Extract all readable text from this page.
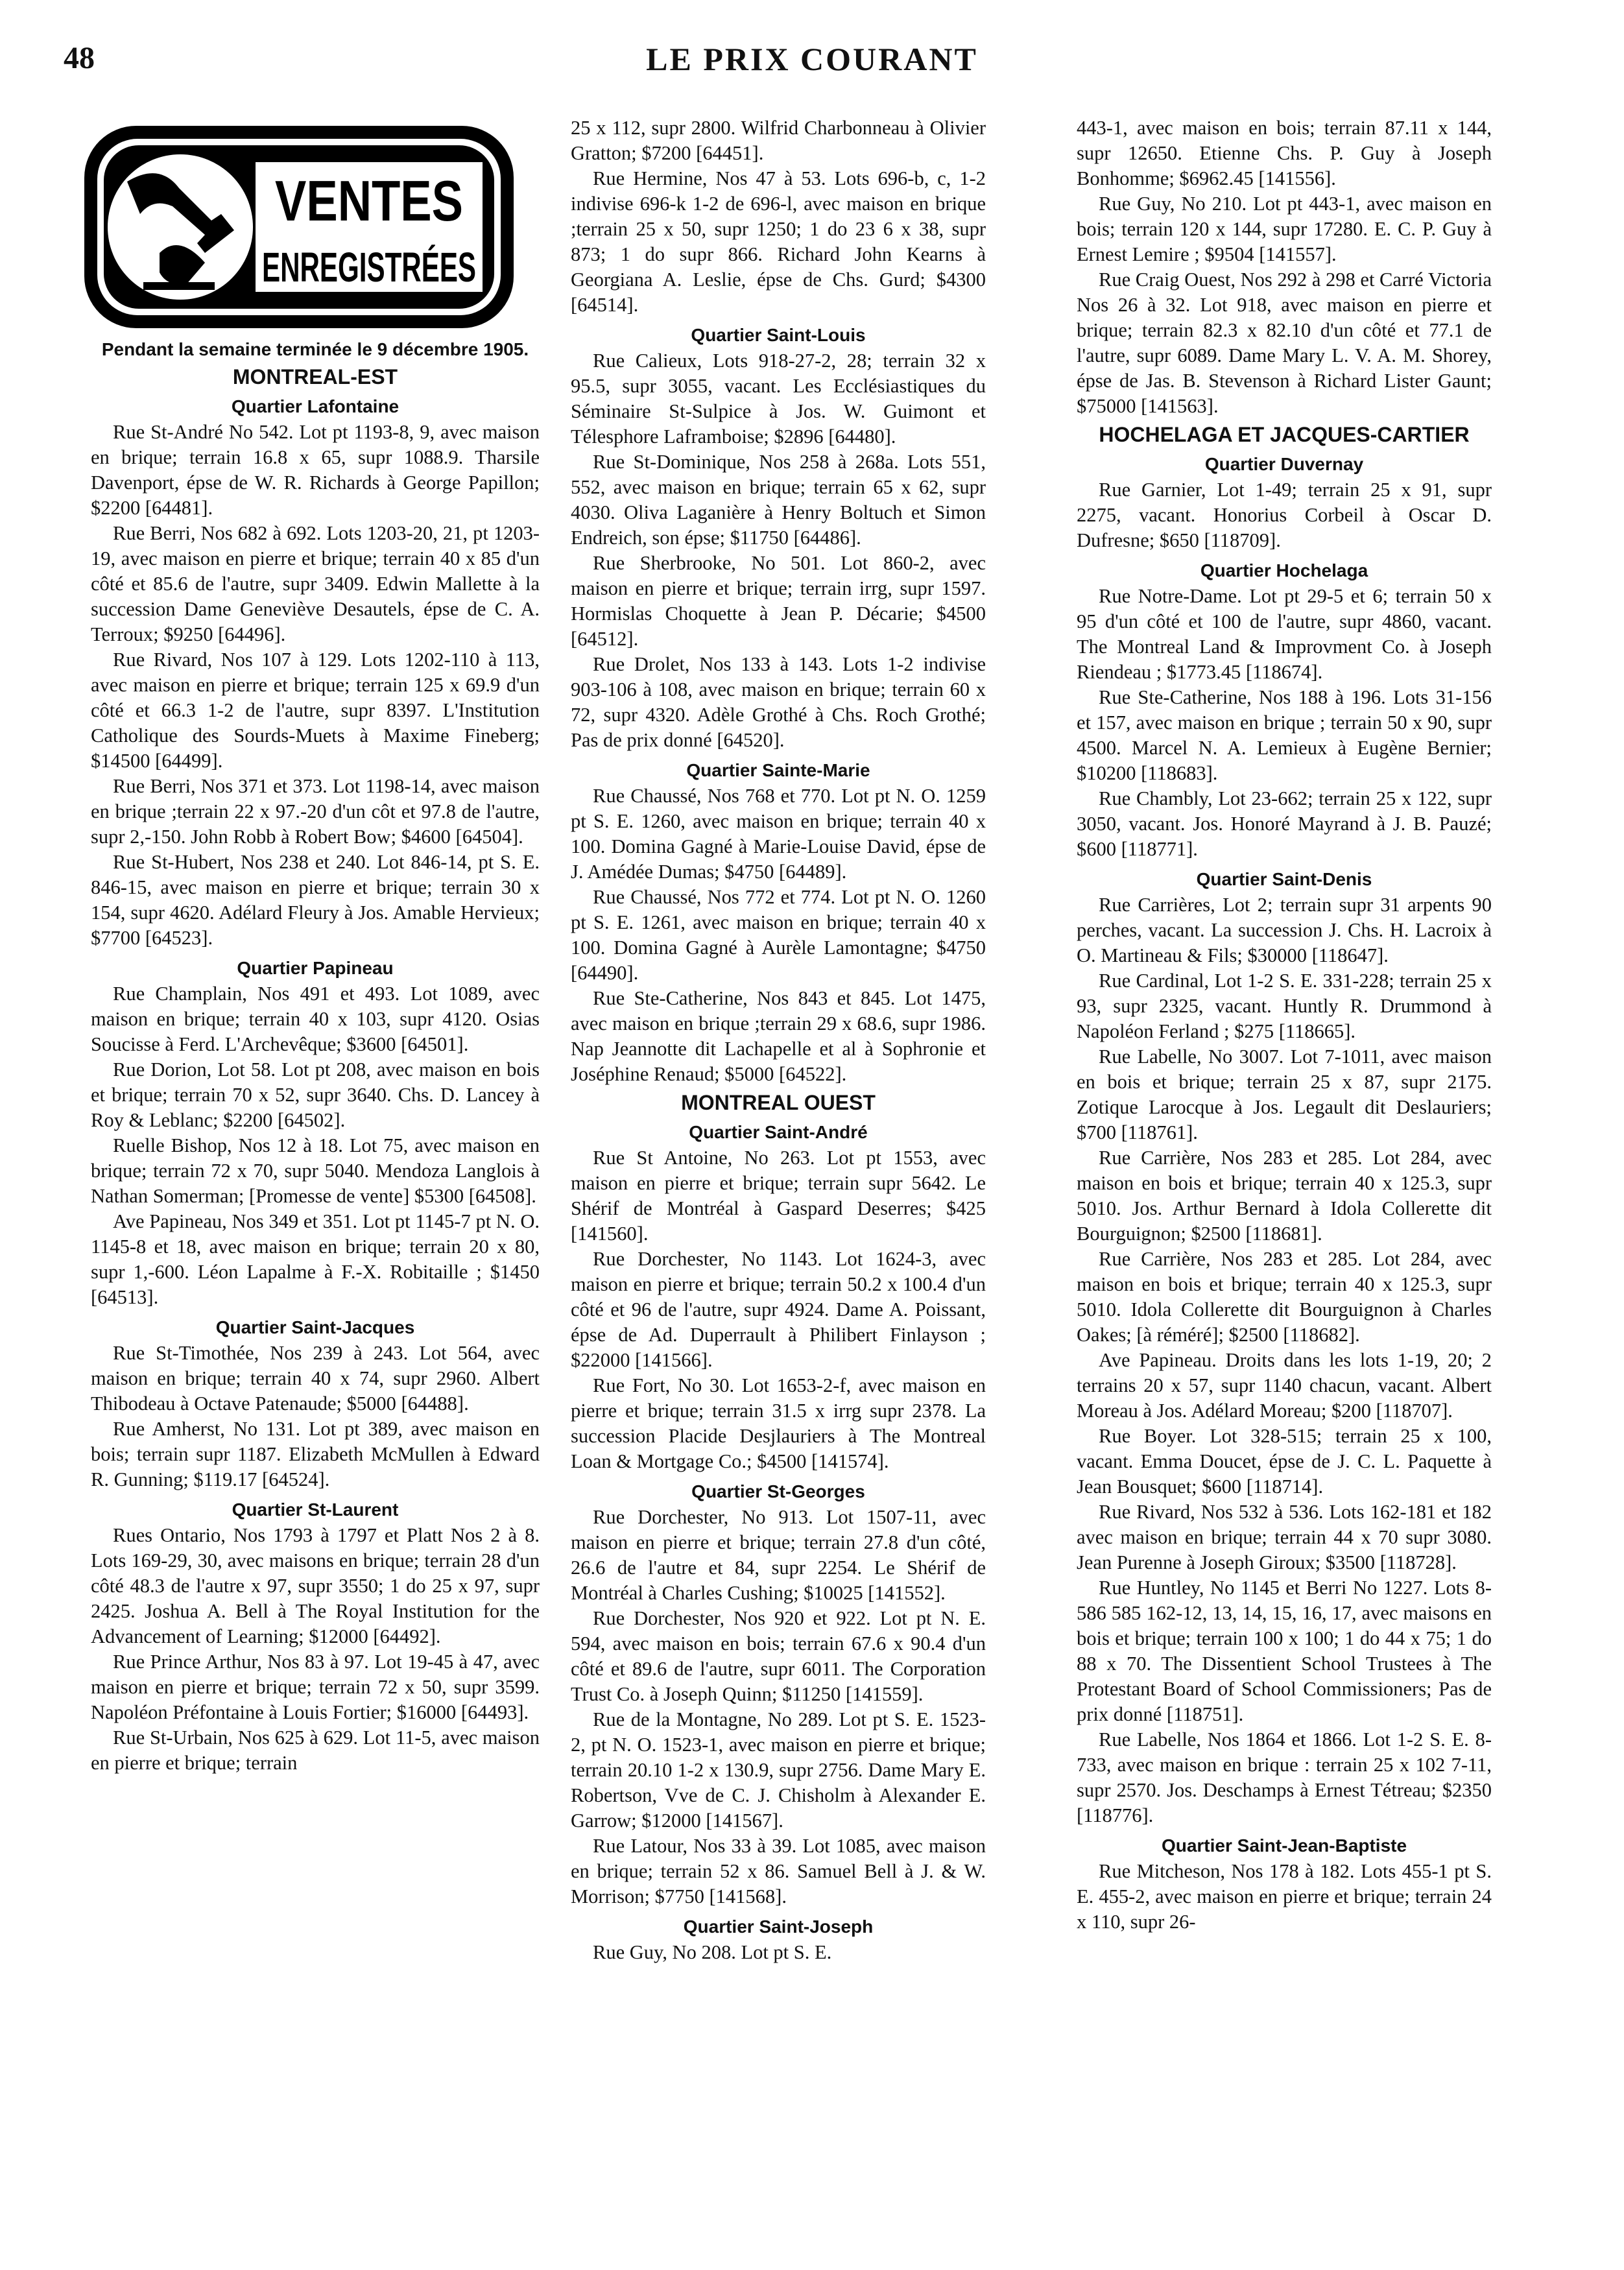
48	LE PRIX COURANT
VENTES
ENREGISTRÉES
Pendant la semaine terminée le 9 décembre 1905.
MONTREAL-EST
Quartier Lafontaine

Rue St-André No 542. Lot pt 1193-8, 9, avec maison en brique; terrain 16.8 x 65, supr 1088.9. Tharsile Davenport, épse de W. R. Richards à George Papillon; $2200 [64481].

Rue Berri, Nos 682 à 692. Lots 1203-20, 21, pt 1203-19, avec maison en pierre et brique; terrain 40 x 85 d'un côté et 85.6 de l'autre, supr 3409. Edwin Mallette à la succession Dame Geneviève Desautels, épse de C. A. Terroux; $9250 [64496].

Rue Rivard, Nos 107 à 129. Lots 1202-110 à 113, avec maison en pierre et brique; terrain 125 x 69.9 d'un côté et 66.3 1-2 de l'autre, supr 8397. L'Institution Catholique des Sourds-Muets à Maxime Fineberg; $14500 [64499].

Rue Berri, Nos 371 et 373. Lot 1198-14, avec maison en brique ;terrain 22 x 97.-20 d'un côt et 97.8 de l'autre, supr 2,-150. John Robb à Robert Bow; $4600 [64504].

Rue St-Hubert, Nos 238 et 240. Lot 846-14, pt S. E. 846-15, avec maison en pierre et brique; terrain 30 x 154, supr 4620. Adélard Fleury à Jos. Amable Hervieux; $7700 [64523].

Quartier Papineau

Rue Champlain, Nos 491 et 493. Lot 1089, avec maison en brique; terrain 40 x 103, supr 4120. Osias Soucisse à Ferd. L'Archevêque; $3600 [64501].

Rue Dorion, Lot 58. Lot pt 208, avec maison en bois et brique; terrain 70 x 52, supr 3640. Chs. D. Lancey à Roy & Leblanc; $2200 [64502].

Ruelle Bishop, Nos 12 à 18. Lot 75, avec maison en brique; terrain 72 x 70, supr 5040. Mendoza Langlois à Nathan Somerman; [Promesse de vente] $5300 [64508].

Ave Papineau, Nos 349 et 351. Lot pt 1145-7 pt N. O. 1145-8 et 18, avec maison en brique; terrain 20 x 80, supr 1,-600. Léon Lapalme à F.-X. Robitaille ; $1450 [64513].

Quartier Saint-Jacques

Rue St-Timothée, Nos 239 à 243. Lot 564, avec maison en brique; terrain 40 x 74, supr 2960. Albert Thibodeau à Octave Patenaude; $5000 [64488].

Rue Amherst, No 131. Lot pt 389, avec maison en bois; terrain supr 1187. Elizabeth McMullen à Edward R. Gunning; $119.17 [64524].

Quartier St-Laurent

Rues Ontario, Nos 1793 à 1797 et Platt Nos 2 à 8. Lots 169-29, 30, avec maisons en brique; terrain 28 d'un côté 48.3 de l'autre x 97, supr 3550; 1 do 25 x 97, supr 2425. Joshua A. Bell à The Royal Institution for the Advancement of Learning; $12000 [64492].

Rue Prince Arthur, Nos 83 à 97. Lot 19-45 à 47, avec maison en pierre et brique; terrain 72 x 50, supr 3599. Napoléon Préfontaine à Louis Fortier; $16000 [64493].

Rue St-Urbain, Nos 625 à 629. Lot 11-5, avec maison en pierre et brique; terrain

25 x 112, supr 2800. Wilfrid Charbonneau à Olivier Gratton; $7200 [64451].

Rue Hermine, Nos 47 à 53. Lots 696-b, c, 1-2 indivise 696-k 1-2 de 696-l, avec maison en brique ;terrain 25 x 50, supr 1250; 1 do 23 6 x 38, supr 873; 1 do supr 866. Richard John Kearns à Georgiana A. Leslie, épse de Chs. Gurd; $4300 [64514].

Quartier Saint-Louis

Rue Calieux, Lots 918-27-2, 28; terrain 32 x 95.5, supr 3055, vacant. Les Ecclésiastiques du Séminaire St-Sulpice à Jos. W. Guimont et Télesphore Laframboise; $2896 [64480].

Rue St-Dominique, Nos 258 à 268a. Lots 551, 552, avec maison en brique; terrain 65 x 62, supr 4030. Oliva Laganière à Henry Boltuch et Simon Endreich, son épse; $11750 [64486].

Rue Sherbrooke, No 501. Lot 860-2, avec maison en pierre et brique; terrain irrg, supr 1597. Hormislas Choquette à Jean P. Décarie; $4500 [64512].

Rue Drolet, Nos 133 à 143. Lots 1-2 indivise 903-106 à 108, avec maison en brique; terrain 60 x 72, supr 4320. Adèle Grothé à Chs. Roch Grothé; Pas de prix donné [64520].

Quartier Sainte-Marie

Rue Chaussé, Nos 768 et 770. Lot pt N. O. 1259 pt S. E. 1260, avec maison en brique; terrain 40 x 100. Domina Gagné à Marie-Louise David, épse de J. Amédée Dumas; $4750 [64489].

Rue Chaussé, Nos 772 et 774. Lot pt N. O. 1260 pt S. E. 1261, avec maison en brique; terrain 40 x 100. Domina Gagné à Aurèle Lamontagne; $4750 [64490].

Rue Ste-Catherine, Nos 843 et 845. Lot 1475, avec maison en brique ;terrain 29 x 68.6, supr 1986. Nap Jeannotte dit Lachapelle et al à Sophronie et Joséphine Renaud; $5000 [64522].

MONTREAL OUEST
Quartier Saint-André

Rue St Antoine, No 263. Lot pt 1553, avec maison en pierre et brique; terrain supr 5642. Le Shérif de Montréal à Gaspard Deserres; $425 [141560].

Rue Dorchester, No 1143. Lot 1624-3, avec maison en pierre et brique; terrain 50.2 x 100.4 d'un côté et 96 de l'autre, supr 4924. Dame A. Poissant, épse de Ad. Duperrault à Philibert Finlayson ; $22000 [141566].

Rue Fort, No 30. Lot 1653-2-f, avec maison en pierre et brique; terrain 31.5 x irrg supr 2378. La succession Placide Desjlauriers à The Montreal Loan & Mortgage Co.; $4500 [141574].

Quartier St-Georges

Rue Dorchester, No 913. Lot 1507-11, avec maison en pierre et brique; terrain 27.8 d'un côté, 26.6 de l'autre et 84, supr 2254. Le Shérif de Montréal à Charles Cushing; $10025 [141552].

Rue Dorchester, Nos 920 et 922. Lot pt N. E. 594, avec maison en bois; terrain 67.6 x 90.4 d'un côté et 89.6 de l'autre, supr 6011. The Corporation Trust Co. à Joseph Quinn; $11250 [141559].

Rue de la Montagne, No 289. Lot pt S. E. 1523-2, pt N. O. 1523-1, avec maison en pierre et brique; terrain 20.10 1-2 x 130.9, supr 2756. Dame Mary E. Robertson, Vve de C. J. Chisholm à Alexander E. Garrow; $12000 [141567].

Rue Latour, Nos 33 à 39. Lot 1085, avec maison en brique; terrain 52 x 86. Samuel Bell à J. & W. Morrison; $7750 [141568].

Quartier Saint-Joseph

Rue Guy, No 208. Lot pt S. E.

443-1, avec maison en bois; terrain 87.11 x 144, supr 12650. Etienne Chs. P. Guy à Joseph Bonhomme; $6962.45 [141556].

Rue Guy, No 210. Lot pt 443-1, avec maison en bois; terrain 120 x 144, supr 17280. E. C. P. Guy à Ernest Lemire ; $9504 [141557].

Rue Craig Ouest, Nos 292 à 298 et Carré Victoria Nos 26 à 32. Lot 918, avec maison en pierre et brique; terrain 82.3 x 82.10 d'un côté et 77.1 de l'autre, supr 6089. Dame Mary L. V. A. M. Shorey, épse de Jas. B. Stevenson à Richard Lister Gaunt; $75000 [141563].

HOCHELAGA ET JACQUES-CARTIER
Quartier Duvernay

Rue Garnier, Lot 1-49; terrain 25 x 91, supr 2275, vacant. Honorius Corbeil à Oscar D. Dufresne; $650 [118709].

Quartier Hochelaga

Rue Notre-Dame. Lot pt 29-5 et 6; terrain 50 x 95 d'un côté et 100 de l'autre, supr 4860, vacant. The Montreal Land & Improvment Co. à Joseph Riendeau ; $1773.45 [118674].

Rue Ste-Catherine, Nos 188 à 196. Lots 31-156 et 157, avec maison en brique ; terrain 50 x 90, supr 4500. Marcel N. A. Lemieux à Eugène Bernier; $10200 [118683].

Rue Chambly, Lot 23-662; terrain 25 x 122, supr 3050, vacant. Jos. Honoré Mayrand à J. B. Pauzé; $600 [118771].

Quartier Saint-Denis

Rue Carrières, Lot 2; terrain supr 31 arpents 90 perches, vacant. La succession J. Chs. H. Lacroix à O. Martineau & Fils; $30000 [118647].

Rue Cardinal, Lot 1-2 S. E. 331-228; terrain 25 x 93, supr 2325, vacant. Huntly R. Drummond à Napoléon Ferland ; $275 [118665].

Rue Labelle, No 3007. Lot 7-1011, avec maison en bois et brique; terrain 25 x 87, supr 2175. Zotique Larocque à Jos. Legault dit Deslauriers; $700 [118761].

Rue Carrière, Nos 283 et 285. Lot 284, avec maison en bois et brique; terrain 40 x 125.3, supr 5010. Jos. Arthur Bernard à Idola Collerette dit Bourguignon; $2500 [118681].

Rue Carrière, Nos 283 et 285. Lot 284, avec maison en bois et brique; terrain 40 x 125.3, supr 5010. Idola Collerette dit Bourguignon à Charles Oakes; [à réméré]; $2500 [118682].

Ave Papineau. Droits dans les lots 1-19, 20; 2 terrains 20 x 57, supr 1140 chacun, vacant. Albert Moreau à Jos. Adélard Moreau; $200 [118707].

Rue Boyer. Lot 328-515; terrain 25 x 100, vacant. Emma Doucet, épse de J. C. L. Paquette à Jean Bousquet; $600 [118714].

Rue Rivard, Nos 532 à 536. Lots 162-181 et 182 avec maison en brique; terrain 44 x 70 supr 3080. Jean Purenne à Joseph Giroux; $3500 [118728].

Rue Huntley, No 1145 et Berri No 1227. Lots 8-586 585 162-12, 13, 14, 15, 16, 17, avec maisons en bois et brique; terrain 100 x 100; 1 do 44 x 75; 1 do 88 x 70. The Dissentient School Trustees à The Protestant Board of School Commissioners; Pas de prix donné [118751].

Rue Labelle, Nos 1864 et 1866. Lot 1-2 S. E. 8-733, avec maison en brique : terrain 25 x 102 7-11, supr 2570. Jos. Deschamps à Ernest Tétreau; $2350 [118776].

Quartier Saint-Jean-Baptiste

Rue Mitcheson, Nos 178 à 182. Lots 455-1 pt S. E. 455-2, avec maison en pierre et brique; terrain 24 x 110, supr 26-
